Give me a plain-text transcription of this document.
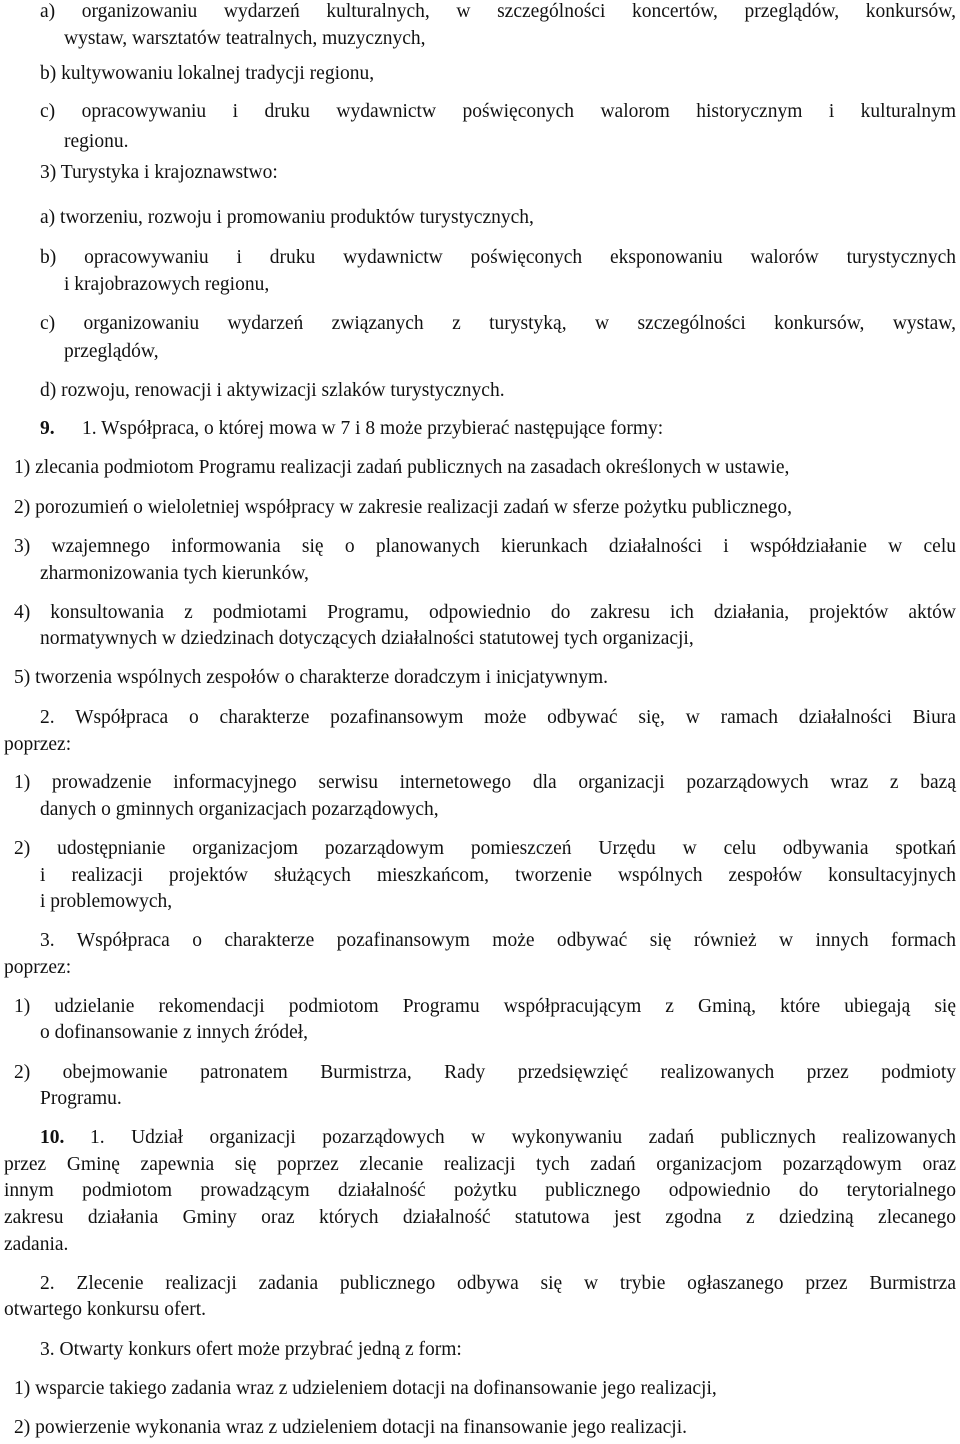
a) organizowaniu wydarzeń kulturalnych, w szczególności koncertów, przeglądów, konkursów,
wystaw, warsztatów teatralnych, muzycznych,
b) kultywowaniu lokalnej tradycji regionu,
c) opracowywaniu i druku wydawnictw poświęconych walorom historycznym i kulturalnym
regionu.
3) Turystyka i krajoznawstwo:
a) tworzeniu, rozwoju i promowaniu produktów turystycznych,
b) opracowywaniu i druku wydawnictw poświęconych eksponowaniu walorów turystycznych
i krajobrazowych regionu,
c) organizowaniu wydarzeń związanych z turystyką, w szczególności konkursów, wystaw,
przeglądów,
d) rozwoju, renowacji i aktywizacji szlaków turystycznych.
9. 1. Współpraca, o której mowa w 7 i 8 może przybierać następujące formy:
1) zlecania podmiotom Programu realizacji zadań publicznych na zasadach określonych w ustawie,
2) porozumień o wieloletniej współpracy w zakresie realizacji zadań w sferze pożytku publicznego,
3) wzajemnego informowania się o planowanych kierunkach działalności i współdziałanie w celu
zharmonizowania tych kierunków,
4) konsultowania z podmiotami Programu, odpowiednio do zakresu ich działania, projektów aktów
normatywnych w dziedzinach dotyczących działalności statutowej tych organizacji,
5) tworzenia wspólnych zespołów o charakterze doradczym i inicjatywnym.
2. Współpraca o charakterze pozafinansowym może odbywać się, w ramach działalności Biura
poprzez:
1) prowadzenie informacyjnego serwisu internetowego dla organizacji pozarządowych wraz z bazą
danych o gminnych organizacjach pozarządowych,
2) udostępnianie organizacjom pozarządowym pomieszczeń Urzędu w celu odbywania spotkań
i realizacji projektów służących mieszkańcom, tworzenie wspólnych zespołów konsultacyjnych
i problemowych,
3. Współpraca o charakterze pozafinansowym może odbywać się również w innych formach
poprzez:
1) udzielanie rekomendacji podmiotom Programu współpracującym z Gminą, które ubiegają się
o dofinansowanie z innych źródeł,
2) obejmowanie patronatem Burmistrza, Rady przedsięwzięć realizowanych przez podmioty
Programu.
10. 1. Udział organizacji pozarządowych w wykonywaniu zadań publicznych realizowanych
przez Gminę zapewnia się poprzez zlecanie realizacji tych zadań organizacjom pozarządowym oraz
innym podmiotom prowadzącym działalność pożytku publicznego odpowiednio do terytorialnego
zakresu działania Gminy oraz których działalność statutowa jest zgodna z dziedziną zlecanego
zadania.
2. Zlecenie realizacji zadania publicznego odbywa się w trybie ogłaszanego przez Burmistrza
otwartego konkursu ofert.
3. Otwarty konkurs ofert może przybrać jedną z form:
1) wsparcie takiego zadania wraz z udzieleniem dotacji na dofinansowanie jego realizacji,
2) powierzenie wykonania wraz z udzieleniem dotacji na finansowanie jego realizacji.
